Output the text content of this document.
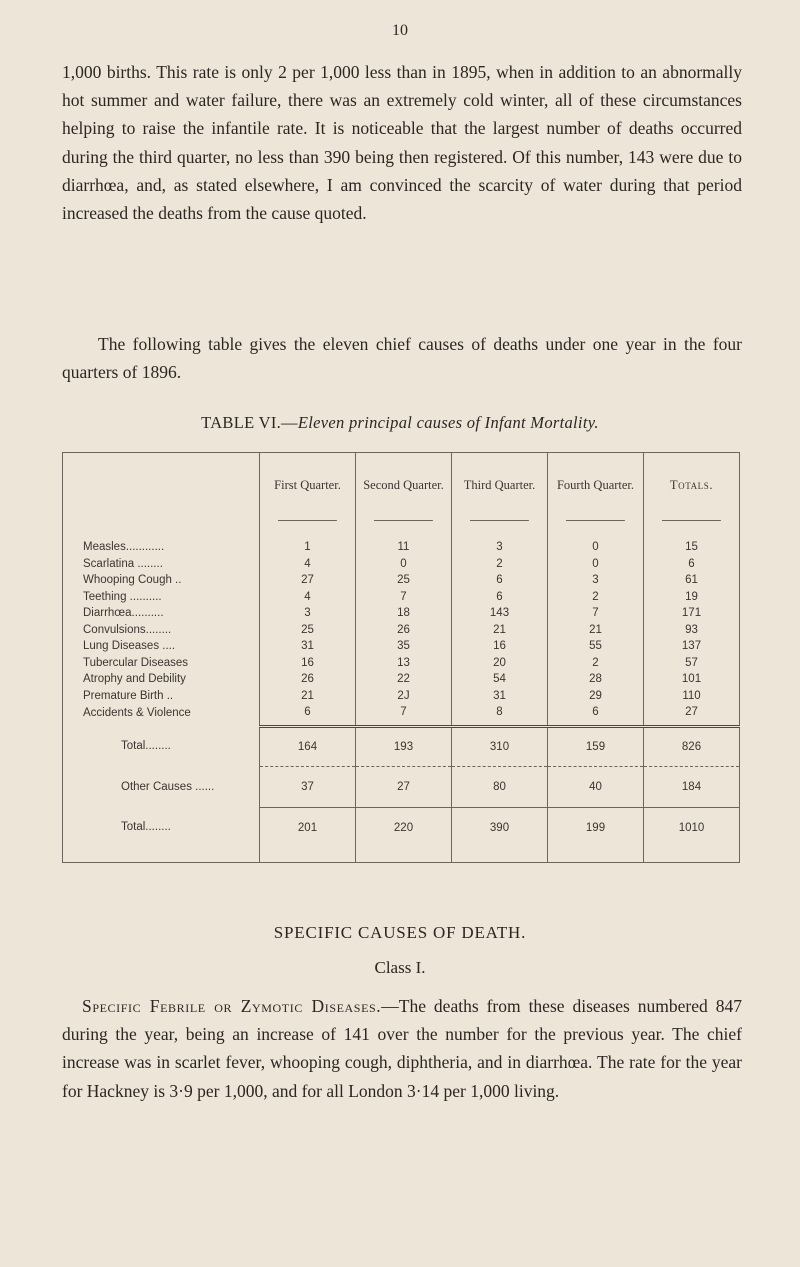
10

1,000 births. This rate is only 2 per 1,000 less than in 1895, when in addition to an abnormally hot summer and water failure, there was an extremely cold winter, all of these circumstances helping to raise the infantile rate. It is noticeable that the largest number of deaths occurred during the third quarter, no less than 390 being then registered. Of this number, 143 were due to diarrhœa, and, as stated elsewhere, I am convinced the scarcity of water during that period increased the deaths from the cause quoted.

The following table gives the eleven chief causes of deaths under one year in the four quarters of 1896.

TABLE VI.—Eleven principal causes of Infant Mortality.
	First Quarter.	Second Quarter.	Third Quarter.	Fourth Quarter.	Totals.

Measles............	1	11	3	0	15
Scarlatina ........	4	0	2	0	6
Whooping Cough ..	27	25	6	3	61
Teething ..........	4	7	6	2	19
Diarrhœa..........	3	18	143	7	171
Convulsions........	25	26	21	21	93
Lung Diseases ....	31	35	16	55	137
Tubercular Diseases	16	13	20	2	57
Atrophy and Debility	26	22	54	28	101
Premature Birth ..	21	2J	31	29	110
Accidents & Violence	6	7	8	6	27
Total........	164	193	310	159	826
Other Causes ......	37	27	80	40	184
Total........	201	220	390	199	1010

SPECIFIC CAUSES OF DEATH.
Class I.

Specific Febrile or Zymotic Diseases.—The deaths from these diseases numbered 847 during the year, being an increase of 141 over the number for the previous year. The chief increase was in scarlet fever, whooping cough, diphtheria, and in diarrhœa. The rate for the year for Hackney is 3·9 per 1,000, and for all London 3·14 per 1,000 living.
